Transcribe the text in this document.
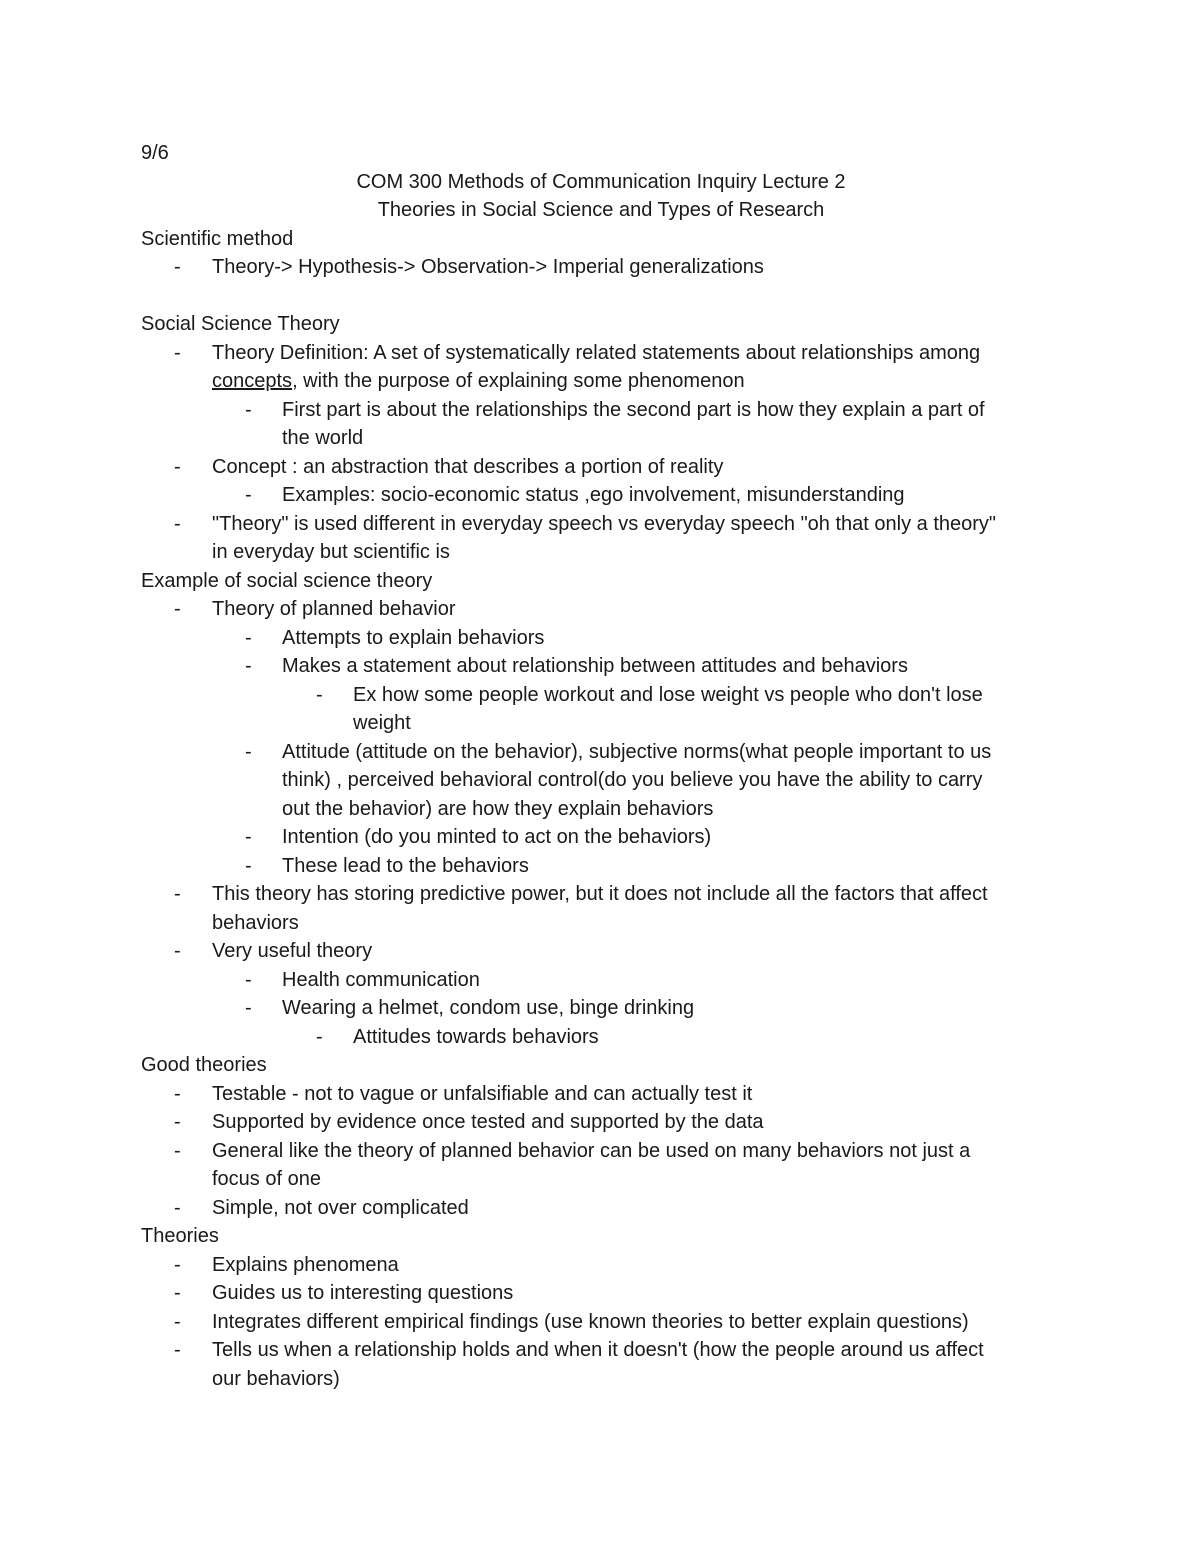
9/6
COM 300 Methods of Communication Inquiry Lecture 2
Theories in Social Science and Types of Research
Scientific method
- Theory-> Hypothesis-> Observation-> Imperial generalizations
Social Science Theory
- Theory Definition: A set of systematically related statements about relationships among
concepts, with the purpose of explaining some phenomenon
- First part is about the relationships the second part is how they explain a part of
the world
- Concept : an abstraction that describes a portion of reality
- Examples: socio-economic status ,ego involvement, misunderstanding
- "Theory" is used different in everyday speech vs everyday speech "oh that only a theory"
in everyday but scientific is
Example of social science theory
- Theory of planned behavior
- Attempts to explain behaviors
- Makes a statement about relationship between attitudes and behaviors
- Ex how some people workout and lose weight vs people who don't lose
weight
- Attitude (attitude on the behavior), subjective norms(what people important to us
think) , perceived behavioral control(do you believe you have the ability to carry
out the behavior) are how they explain behaviors
- Intention (do you minted to act on the behaviors)
- These lead to the behaviors
- This theory has storing predictive power, but it does not include all the factors that affect
behaviors
- Very useful theory
- Health communication
- Wearing a helmet, condom use, binge drinking
- Attitudes towards behaviors
Good theories
- Testable - not to vague or unfalsifiable and can actually test it
- Supported by evidence once tested and supported by the data
- General like the theory of planned behavior can be used on many behaviors not just a
focus of one
- Simple, not over complicated
Theories
- Explains phenomena
- Guides us to interesting questions
- Integrates different empirical findings (use known theories to better explain questions)
- Tells us when a relationship holds and when it doesn't (how the people around us affect
our behaviors)
